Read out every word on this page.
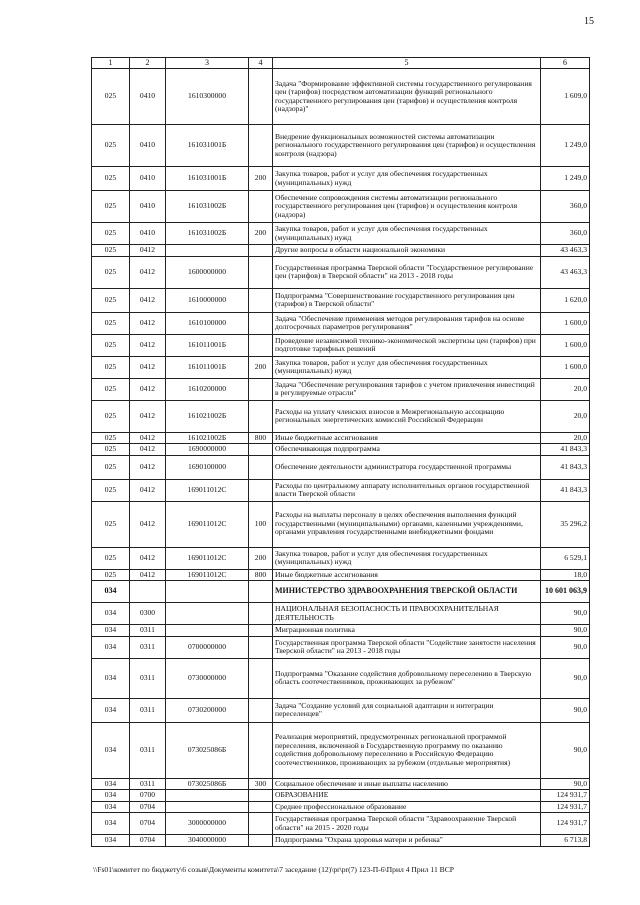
15
1	2	3	4	5	6
025	0410	1610300000		Задача "Формирование эффективной системы государственного регулирования цен (тарифов) посредством автоматизации функций регионального государственного регулирования цен (тарифов) и осуществления контроля (надзора)"	1 609,0
025	0410	161031001Б		Внедрение функциональных возможностей системы автоматизации регионального государственного регулирования цен (тарифов) и осуществления контроля (надзора)	1 249,0
025	0410	161031001Б	200	Закупка товаров, работ и услуг для обеспечения государственных (муниципальных) нужд	1 249,0
025	0410	161031002Б		Обеспечение сопровождения системы автоматизации регионального государственного регулирования цен (тарифов) и осуществления контроля (надзора)	360,0
025	0410	161031002Б	200	Закупка товаров, работ и услуг для обеспечения государственных (муниципальных) нужд	360,0
025	0412			Другие вопросы в области национальной экономики	43 463,3
025	0412	1600000000		Государственная программа Тверской области "Государственное регулирование цен (тарифов) в Тверской области" на 2013 - 2018 годы	43 463,3
025	0412	1610000000		Подпрограмма "Совершенствование государственного регулирования цен (тарифов) в Тверской области"	1 620,0
025	0412	1610100000		Задача "Обеспечение применения методов регулирования тарифов на основе долгосрочных параметров регулирования"	1 600,0
025	0412	161011001Б		Проведение независимой технико-экономической экспертизы цен (тарифов) при подготовке тарифных решений	1 600,0
025	0412	161011001Б	200	Закупка товаров, работ и услуг для обеспечения государственных (муниципальных) нужд	1 600,0
025	0412	1610200000		Задача "Обеспечение регулирования тарифов с учетом привлечения инвестиций в регулируемые отрасли"	20,0
025	0412	161021002Б		Расходы на уплату членских взносов в Межрегиональную ассоциацию региональных энергетических комиссий Российской Федерации	20,0
025	0412	161021002Б	800	Иные бюджетные ассигнования	20,0
025	0412	1690000000		Обеспечивающая подпрограмма	41 843,3
025	0412	1690100000		Обеспечение деятельности администратора государственной программы	41 843,3
025	0412	169011012С		Расходы по центральному аппарату исполнительных органов государственной власти Тверской области	41 843,3
025	0412	169011012С	100	Расходы на выплаты персоналу в целях обеспечения выполнения функций государственными (муниципальными) органами, казенными учреждениями, органами управления государственными внебюджетными фондами	35 296,2
025	0412	169011012С	200	Закупка товаров, работ и услуг для обеспечения государственных (муниципальных) нужд	6 529,1
025	0412	169011012С	800	Иные бюджетные ассигнования	18,0
034				МИНИСТЕРСТВО ЗДРАВООХРАНЕНИЯ ТВЕРСКОЙ ОБЛАСТИ	10 601 063,9
034	0300			НАЦИОНАЛЬНАЯ БЕЗОПАСНОСТЬ И ПРАВООХРАНИТЕЛЬНАЯ ДЕЯТЕЛЬНОСТЬ	90,0
034	0311			Миграционная политика	90,0
034	0311	0700000000		Государственная программа Тверской области "Содействие занятости населения Тверской области" на 2013 - 2018 годы	90,0
034	0311	0730000000		Подпрограмма "Оказание содействия добровольному переселению в Тверскую область соотечественников, проживающих за рубежом"	90,0
034	0311	0730200000		Задача "Создание условий для социальной адаптации и интеграции переселенцев"	90,0
034	0311	073025086Б		Реализация мероприятий, предусмотренных региональной программой переселения, включенной в Государственную программу по оказанию содействия добровольному переселению в Российскую Федерацию соотечественников, проживающих за рубежом (отдельные мероприятия)	90,0
034	0311	073025086Б	300	Социальное обеспечение и иные выплаты населению	90,0
034	0700			ОБРАЗОВАНИЕ	124 931,7
034	0704			Среднее профессиональное образование	124 931,7
034	0704	3000000000		Государственная программа Тверской области "Здравоохранение Тверской области" на 2015 - 2020 годы	124 931,7
034	0704	3040000000		Подпрограмма "Охрана здоровья матери и ребенка"	6 713,8
\\Fs01\комитет по бюджету\6 созыв\Документы комитета\7 заседание (12)\pr\pr(7) 123-П-6\Прил 4 Прил 11 ВСР
